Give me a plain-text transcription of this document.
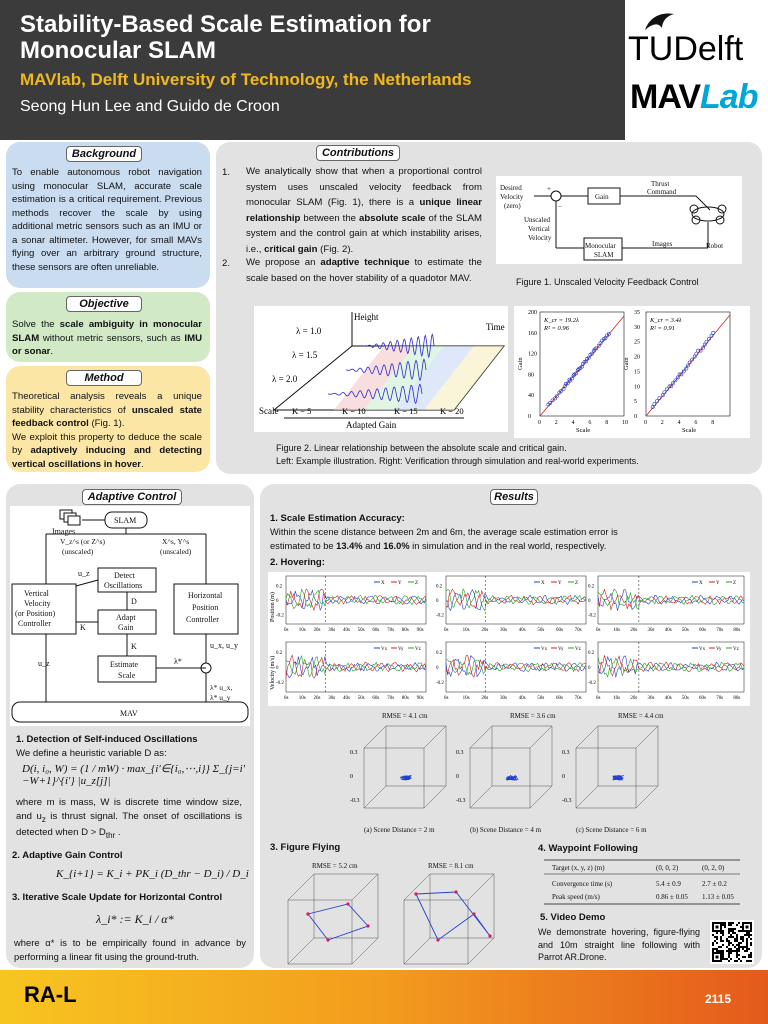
Stability-Based Scale Estimation for
Monocular SLAM
MAVlab, Delft University of Technology, the Netherlands
Seong Hun Lee and Guido de Croon
TUDelft
MAVLab
Background
To enable autonomous robot navigation using monocular SLAM, accurate scale estimation is a critical requirement. Previous methods recover the scale by using additional metric sensors such as an IMU or a sonar altimeter. However, for small MAVs flying over an arbitrary ground structure, these sensors are often unreliable.
Objective
Solve the scale ambiguity in monocular SLAM without metric sensors, such as IMU or sonar.
Method
Theoretical analysis reveals a unique stability characteristics of unscaled state feedback control (Fig. 1).
We exploit this property to deduce the scale by adaptively inducing and detecting vertical oscillations in hover.
Contributions
1.	We analytically show that when a proportional control system uses unscaled velocity feedback from monocular SLAM (Fig. 1), there is a unique linear relationship between the absolute scale of the SLAM system and the control gain at which instability arises, i.e., critical gain (Fig. 2).
2.	We propose an adaptive technique to estimate the scale based on the hover stability of a quadotor MAV.
Desired
Velocity
(zero)
+
−
Gain
Thrust
Command
Robot
Unscaled
Vertical
Velocity
Monocular
SLAM
Images
Figure 1. Unscaled Velocity Feedback Control
Height
Time
λ = 1.0
λ = 1.5
λ = 2.0
Scale K = 5	K = 10	K = 15	K = 20
Adapted Gain	0 2 4 6 8 10
0
40
80
120
160
200
K_cr = 19.2λ
R² = 0.96
Scale
Gain
0 2 4 6 8
0
5
10
15
20
25
30
35
K_cr = 3.4λ
R² = 0.91
Scale
Gain
Figure 2. Linear relationship between the absolute scale and critical gain.
Left: Example illustration. Right: Verification through simulation and real-world experiments.
Adaptive Control
Images
SLAM
V_z^s (or Z^s)
(unscaled)
X^s, Y^s
(unscaled)
Vertical
Velocity
(or Position)
Controller
Detect
Oscillations
u_z
D
Adapt
Gain
K
K
Estimate
Scale
λ*
Horizontal
Position
Controller
u_x, u_y
λ* u_x,
λ* u_y
u_z
MAV
1. Detection of Self-induced Oscillations
We define a heuristic variable D as:
D(i, i₀, W) = (1 / mW) · max_{i′∈{i₀,⋯,i}} Σ_{j=i′−W+1}^{i′} |u_z[j]|
where m is mass, W is discrete time window size, and $u_z$ is thrust signal. The onset of oscillations is detected when $D > D_{thr}$ .
2. Adaptive Gain Control
K_{i+1} = K_i + PK_i (D_thr − D_i) / D_i
3. Iterative Scale Update for Horizontal Control
λ_i* := K_i / α*
where α* is to be empirically found in advance by performing a linear fit using the ground-truth.
Results
1. Scale Estimation Accuracy:
Within the scene distance between 2m and 6m, the average scale estimation error is
estimated to be 13.4% and 16.0% in simulation and in the real world, respectively.
2. Hovering:
Position (m)
Velocity (m/s)
X	Y	Z
0.2
0
-0.2
0s 10s 20s 30s 40s 50s 60s 70s 80s 90s
X	Y	Z
0.2
0
-0.2
0s	10s 20s 30s 40s 50s 60s 70s
X	Y	Z
0.2
0
-0.2
0s	10s 20s 30s 40s 50s 60s 70s 80s
Vx Vy Vz
0.2
0
-0.2
0s 10s 20s 30s 40s 50s 60s 70s 80s 90s
Vx Vy Vz
0.2
0
-0.2
0s	10s 20s 30s 40s 50s 60s 70s
Vx Vy Vz
0.2
0
-0.2
0s	10s 20s 30s 40s 50s 60s 70s 80s
RMSE = 4.1 cm	RMSE = 3.6 cm	RMSE = 4.4 cm
(a) Scene Distance = 2 m	(b) Scene Distance = 4 m	(c) Scene Distance = 6 m
0.3
0
-0.3
0.3
0
-0.3
0.3
0
-0.3
3. Figure Flying
RMSE = 5.2 cm	RMSE = 8.1 cm
4. Waypoint Following
Target (x, y, z) (m)	(0, 0, 2)	(0, 2, 0)
Convergence time (s)	5.4 ± 0.9	2.7 ± 0.2
Peak speed (m/s)	0.86 ± 0.05 1.13 ± 0.05
5. Video Demo
We demonstrate hovering, figure-flying and 10m straight line following with Parrot AR.Drone.
RA-L	2115
